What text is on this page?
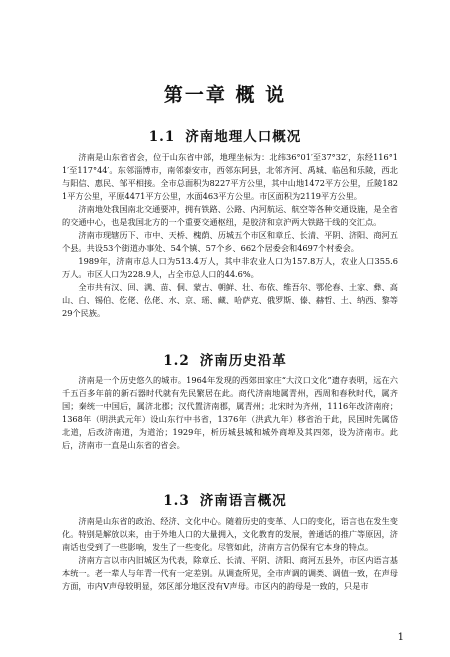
第一章 概 说
1.1 济南地理人口概况

济南是山东省省会，位于山东省中部，地理坐标为：北纬36°01′至37°32′，东经116°11′至117°44′。东邻淄博市，南邻泰安市，西邻东阿县，北邻齐河、禹城、临邑和乐陵，西北与阳信、惠民、邹平相接。全市总面积为8227平方公里，其中山地1472平方公里，丘陵1821平方公里，平原4471平方公里，水面463平方公里。市区面积为2119平方公里。

济南地处我国南北交通要冲，拥有铁路、公路、内河航运、航空等各种交通设施，是全省的交通中心，也是我国北方的一个重要交通枢纽，是胶济和京沪两大铁路干线的交汇点。

济南市现辖历下、市中、天桥、槐荫、历城五个市区和章丘、长清、平阴、济阳、商河五个县。共设53个街道办事处、54个镇、57个乡、662个居委会和4697个村委会。

1989年，济南市总人口为513.4万人，其中非农业人口为157.8万人，农业人口355.6万人。市区人口为228.9人，占全市总人口的44.6%。

全市共有汉、回、满、苗、侗、蒙古、朝鲜、壮、布依、维吾尔、鄂伦春、土家、彝、高山、白、锡伯、仡佬、仫佬、水、京、瑶、藏、哈萨克、俄罗斯、傣、赫哲、土、纳西、黎等29个民族。

1.2 济南历史沿革

济南是一个历史悠久的城市。1964年发现的西郊田家庄“大汶口文化”遗存表明，远在六千五百多年前的新石器时代就有先民繁居在此。商代济南地属青州，西周和春秋时代，属齐国；秦统一中国后，属济北郡；汉代置济南郡，属青州；北宋时为齐州，1116年改济南府；1368年（明洪武元年）设山东行中书省，1376年（洪武九年）移省治于此，民国时先属岱北道，后改济南道，为道治；1929年，析历城县城和城外商埠及其四郊，设为济南市。此后，济南市一直是山东省的省会。

1.3 济南语言概况

济南是山东省的政治、经济、文化中心。随着历史的变革、人口的变化，语言也在发生变化。特别是解放以来，由于外地人口的大量拥入，文化教育的发展，普通话的推广等原因，济南话也受到了一些影响，发生了一些变化。尽管如此，济南方言仍保有它本身的特点。

济南方言以市内旧城区为代表，除章丘、长清、平阴、济阳、商河五县外，市区内语言基本统一。老一辈人与年青一代有一定差别。从调查所见，全市声调的调类、调值一致，在声母方面，市内V声母较明显，郊区部分地区没有V声母。市区内的韵母是一致的，只是市

1
